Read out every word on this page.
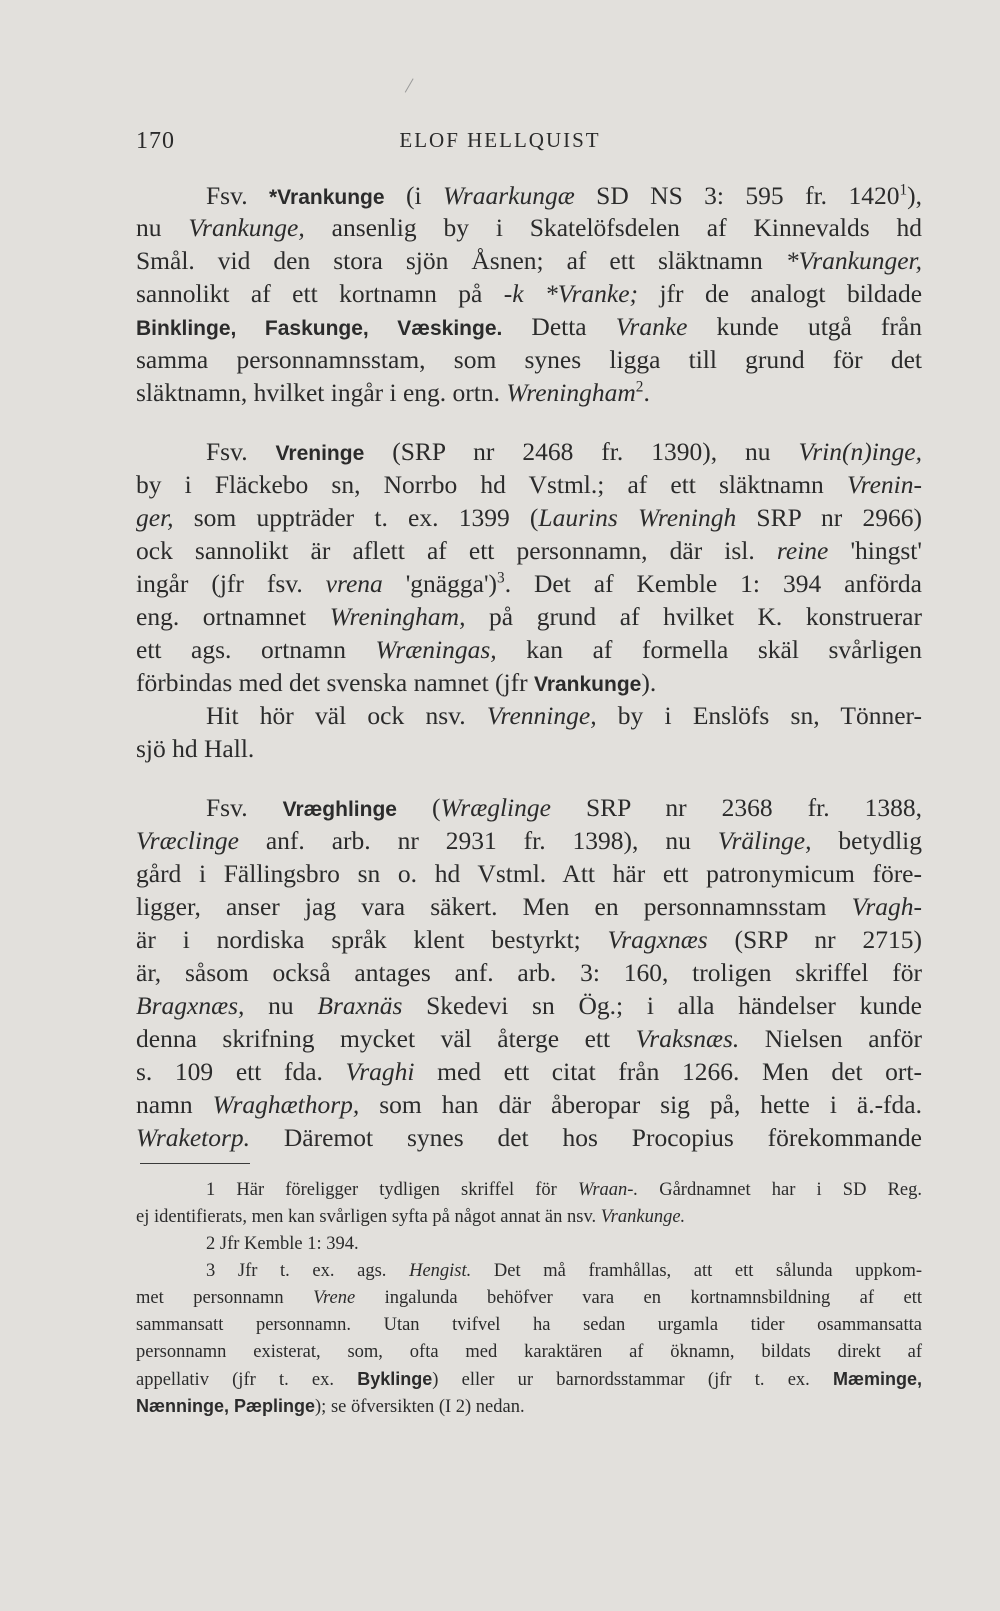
170	ELOF HELLQUIST
Fsv. *Vrankunge (i Wraarkungæ SD NS 3: 595 fr. 1420$^1$),
nu Vrankunge, ansenlig by i Skatelöfsdelen af Kinnevalds hd
Smål. vid den stora sjön Åsnen; af ett släktnamn *Vrankunger,
sannolikt af ett kortnamn på -k *Vranke; jfr de analogt bildade
Binklinge, Faskunge, Væskinge. Detta Vranke kunde utgå från
samma personnamnsstam, som synes ligga till grund för det
släktnamn, hvilket ingår i eng. ortn. Wreningham$^2$.
Fsv. Vreninge (SRP nr 2468 fr. 1390), nu Vrin(n)inge,
by i Fläckebo sn, Norrbo hd Vstml.; af ett släktnamn Vrenin-
ger, som uppträder t. ex. 1399 (Laurins Wreningh SRP nr 2966)
ock sannolikt är aflett af ett personnamn, där isl. reine 'hingst'
ingår (jfr fsv. vrena 'gnägga')$^3$. Det af Kemble 1: 394 anförda
eng. ortnamnet Wreningham, på grund af hvilket K. konstruerar
ett ags. ortnamn Wræningas, kan af formella skäl svårligen
förbindas med det svenska namnet (jfr Vrankunge).
Hit hör väl ock nsv. Vrenninge, by i Enslöfs sn, Tönner-
sjö hd Hall.
Fsv. Vræghlinge (Wræglinge SRP nr 2368 fr. 1388,
Vræclinge anf. arb. nr 2931 fr. 1398), nu Vrälinge, betydlig
gård i Fällingsbro sn o. hd Vstml. Att här ett patronymicum före-
ligger, anser jag vara säkert. Men en personnamnsstam Vragh-
är i nordiska språk klent bestyrkt; Vragxnæs (SRP nr 2715)
är, såsom också antages anf. arb. 3: 160, troligen skriffel för
Bragxnæs, nu Braxnäs Skedevi sn Ög.; i alla händelser kunde
denna skrifning mycket väl återge ett Vraksnæs. Nielsen anför
s. 109 ett fda. Vraghi med ett citat från 1266. Men det ort-
namn Wraghæthorp, som han där åberopar sig på, hette i ä.-fda.
Wraketorp. Däremot synes det hos Procopius förekommande
1 Här föreligger tydligen skriffel för Wraan-. Gårdnamnet har i SD Reg.
ej identifierats, men kan svårligen syfta på något annat än nsv. Vrankunge.
2 Jfr Kemble 1: 394.
3 Jfr t. ex. ags. Hengist. Det må framhållas, att ett sålunda uppkom-
met personnamn Vrene ingalunda behöfver vara en kortnamnsbildning af ett
sammansatt personnamn. Utan tvifvel ha sedan urgamla tider osammansatta
personnamn existerat, som, ofta med karaktären af öknamn, bildats direkt af
appellativ (jfr t. ex. Byklinge) eller ur barnordsstammar (jfr t. ex. Mæminge,
Nænninge, Pæplinge); se öfversikten (I 2) nedan.
